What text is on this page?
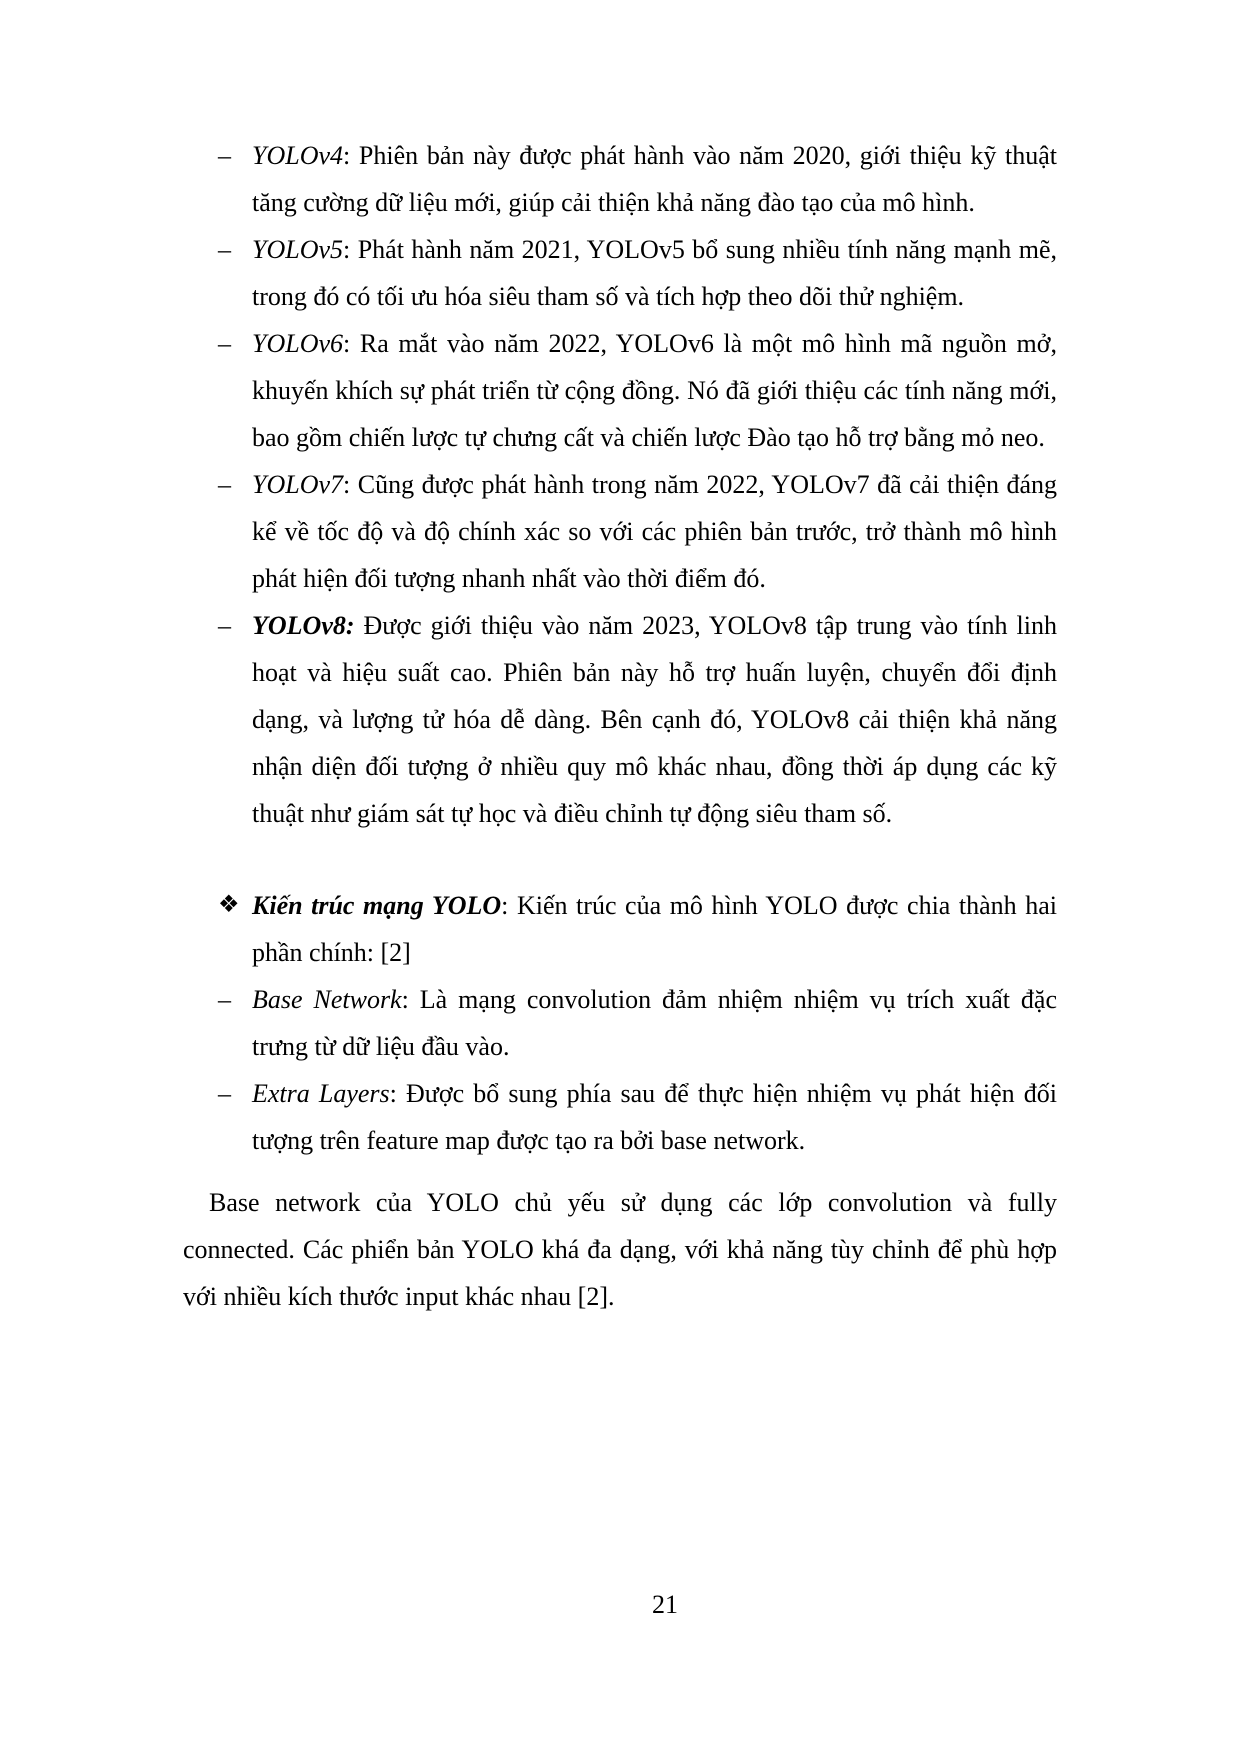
– YOLOv4: Phiên bản này được phát hành vào năm 2020, giới thiệu kỹ thuật tăng cường dữ liệu mới, giúp cải thiện khả năng đào tạo của mô hình.

– YOLOv5: Phát hành năm 2021, YOLOv5 bổ sung nhiều tính năng mạnh mẽ, trong đó có tối ưu hóa siêu tham số và tích hợp theo dõi thử nghiệm.

– YOLOv6: Ra mắt vào năm 2022, YOLOv6 là một mô hình mã nguồn mở, khuyến khích sự phát triển từ cộng đồng. Nó đã giới thiệu các tính năng mới, bao gồm chiến lược tự chưng cất và chiến lược Đào tạo hỗ trợ bằng mỏ neo.

– YOLOv7: Cũng được phát hành trong năm 2022, YOLOv7 đã cải thiện đáng kể về tốc độ và độ chính xác so với các phiên bản trước, trở thành mô hình phát hiện đối tượng nhanh nhất vào thời điểm đó.

– YOLOv8: Được giới thiệu vào năm 2023, YOLOv8 tập trung vào tính linh hoạt và hiệu suất cao. Phiên bản này hỗ trợ huấn luyện, chuyển đổi định dạng, và lượng tử hóa dễ dàng. Bên cạnh đó, YOLOv8 cải thiện khả năng nhận diện đối tượng ở nhiều quy mô khác nhau, đồng thời áp dụng các kỹ thuật như giám sát tự học và điều chỉnh tự động siêu tham số.

❖ Kiến trúc mạng YOLO: Kiến trúc của mô hình YOLO được chia thành hai phần chính: [2]

– Base Network: Là mạng convolution đảm nhiệm nhiệm vụ trích xuất đặc trưng từ dữ liệu đầu vào.

– Extra Layers: Được bổ sung phía sau để thực hiện nhiệm vụ phát hiện đối tượng trên feature map được tạo ra bởi base network.

Base network của YOLO chủ yếu sử dụng các lớp convolution và fully connected. Các phiển bản YOLO khá đa dạng, với khả năng tùy chỉnh để phù hợp với nhiều kích thước input khác nhau [2].

21
